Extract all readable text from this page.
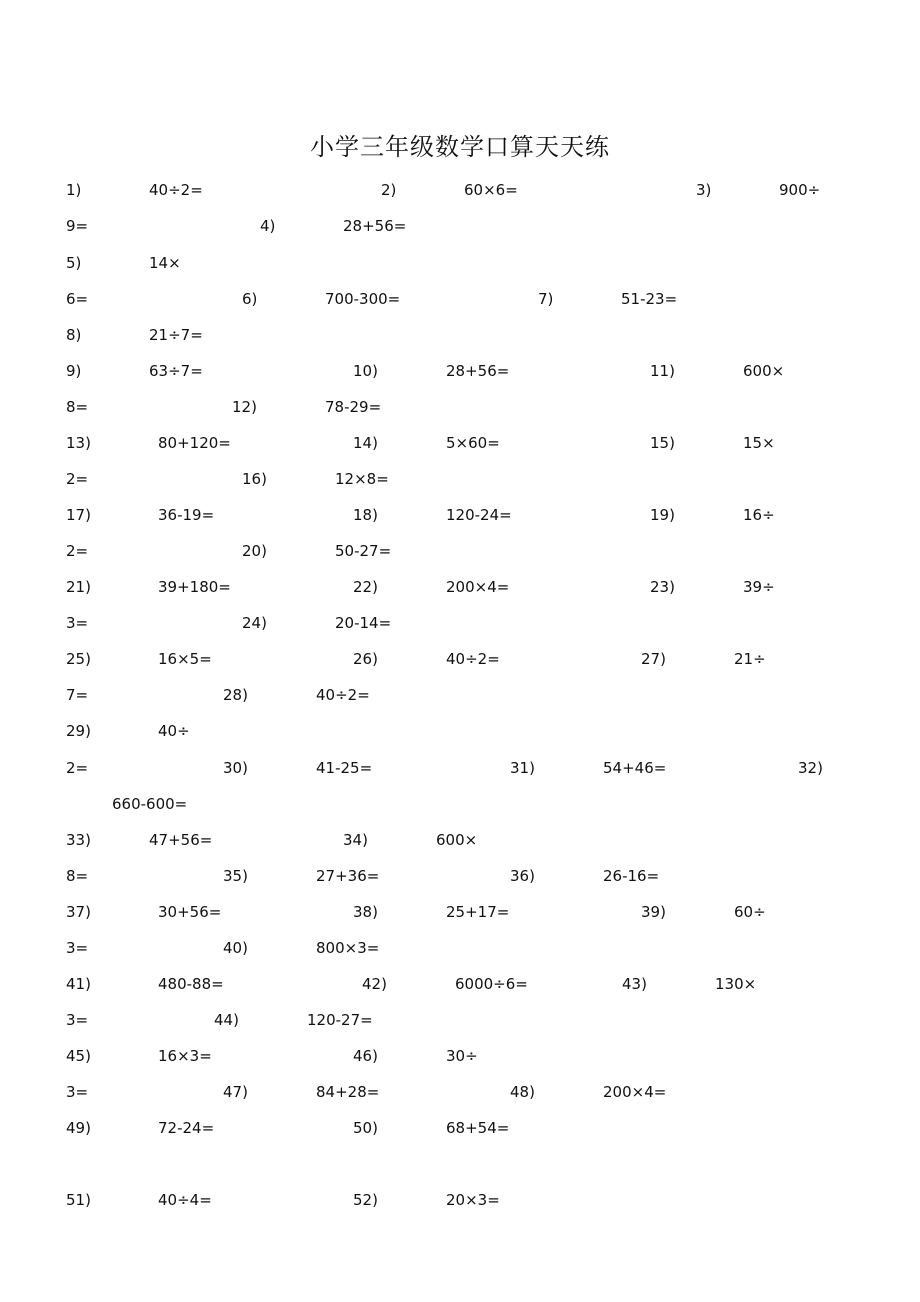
小学三年级数学口算天天练
1)	40÷2=	2)	60×6=	3)	900÷
9=	4)	28+56=
5)	14×
6=	6)	700-300=	7)	51-23=
8)	21÷7=
9)	63÷7=	10)	28+56=	11)	600×
8=	12)	78-29=
13)	80+120=	14)	5×60=	15)	15×
2=	16)	12×8=
17)	36-19=	18)	120-24=	19)	16÷
2=	20)	50-27=
21)	39+180=	22)	200×4=	23)	39÷
3=	24)	20-14=
25)	16×5=	26)	40÷2=	27)	21÷
7=	28)	40÷2=
29)	40÷
2=	30)	41-25=	31)	54+46=	32)
660-600=
33)	47+56=	34)	600×
8=	35)	27+36=	36)	26-16=
37)	30+56=	38)	25+17=	39)	60÷
3=	40)	800×3=
41)	480-88=	42)	6000÷6=	43)	130×
3=	44)	120-27=
45)	16×3=	46)	30÷
3=	47)	84+28=	48)	200×4=
49)	72-24=	50)	68+54=
51)	40÷4=	52)	20×3=
